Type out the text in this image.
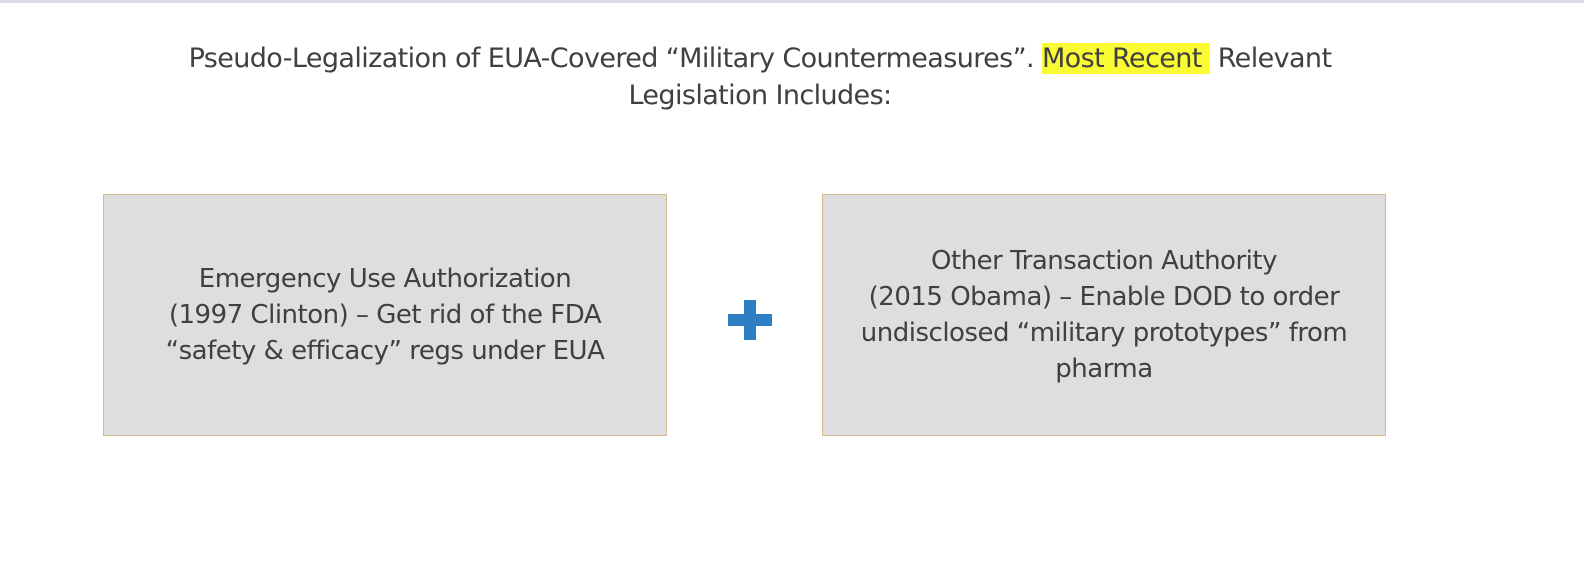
Pseudo-Legalization of EUA-Covered “Military Countermeasures”. Most Recent Relevant
Legislation Includes:
Emergency Use Authorization
(1997 Clinton) – Get rid of the FDA
“safety & efficacy” regs under EUA
Other Transaction Authority
(2015 Obama) – Enable DOD to order
undisclosed “military prototypes” from
pharma
